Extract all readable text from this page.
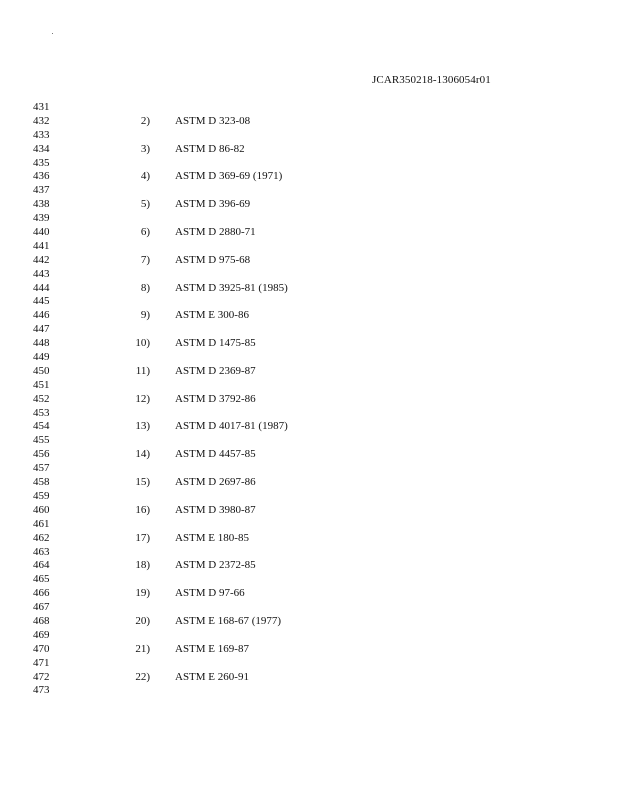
JCAR350218-1306054r01
431
432	2) ASTM D 323-08
433
434	3) ASTM D 86-82
435
436	4) ASTM D 369-69 (1971)
437
438	5) ASTM D 396-69
439
440	6) ASTM D 2880-71
441
442	7) ASTM D 975-68
443
444	8) ASTM D 3925-81 (1985)
445
446	9) ASTM E 300-86
447
448	10) ASTM D 1475-85
449
450	11) ASTM D 2369-87
451
452	12) ASTM D 3792-86
453
454	13) ASTM D 4017-81 (1987)
455
456	14) ASTM D 4457-85
457
458	15) ASTM D 2697-86
459
460	16) ASTM D 3980-87
461
462	17) ASTM E 180-85
463
464	18) ASTM D 2372-85
465
466	19) ASTM D 97-66
467
468	20) ASTM E 168-67 (1977)
469
470	21) ASTM E 169-87
471
472	22) ASTM E 260-91
473
